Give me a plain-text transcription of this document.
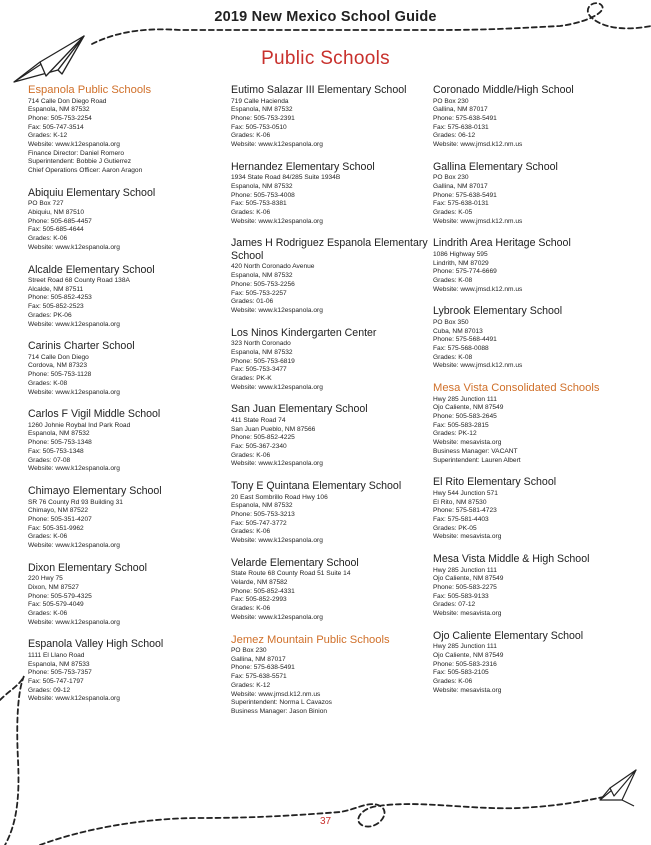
2019 New Mexico School Guide
Public Schools
Espanola Public Schools
714 Calle Don Diego Road
Espanola, NM 87532
Phone: 505-753-2254
Fax: 505-747-3514
Grades: K-12
Website: www.k12espanola.org
Finance Director: Daniel Romero
Superintendent: Bobbie J Gutierrez
Chief Operations Officer: Aaron Aragon
Abiquiu Elementary School
PO Box 727
Abiquiu, NM 87510
Phone: 505-685-4457
Fax: 505-685-4644
Grades: K-06
Website: www.k12espanola.org
Alcalde Elementary School
Street Road 68 County Road 138A
Alcalde, NM 87511
Phone: 505-852-4253
Fax: 505-852-2523
Grades: PK-06
Website: www.k12espanola.org
Carinis Charter School
714 Calle Don Diego
Cordova, NM 87323
Phone: 505-753-1128
Grades: K-08
Website: www.k12espanola.org
Carlos F Vigil Middle School
1260 Johnie Roybal Ind Park Road
Espanola, NM 87532
Phone: 505-753-1348
Fax: 505-753-1348
Grades: 07-08
Website: www.k12espanola.org
Chimayo Elementary School
SR 76 County Rd 93 Building 31
Chimayo, NM 87522
Phone: 505-351-4207
Fax: 505-351-9962
Grades: K-06
Website: www.k12espanola.org
Dixon Elementary School
220 Hwy 75
Dixon, NM 87527
Phone: 505-579-4325
Fax: 505-579-4049
Grades: K-06
Website: www.k12espanola.org
Espanola Valley High School
1111 El Llano Road
Espanola, NM 87533
Phone: 505-753-7357
Fax: 505-747-1797
Grades: 09-12
Website: www.k12espanola.org
Eutimo Salazar III Elementary School
719 Calle Hacienda
Espanola, NM 87532
Phone: 505-753-2391
Fax: 505-753-0510
Grades: K-06
Website: www.k12espanola.org
Hernandez Elementary School
1934 State Road 84/285 Suite 1934B
Espanola, NM 87532
Phone: 505-753-4008
Fax: 505-753-8381
Grades: K-06
Website: www.k12espanola.org
James H Rodriguez Espanola Elementary School
420 North Coronado Avenue
Espanola, NM 87532
Phone: 505-753-2256
Fax: 505-753-2257
Grades: 01-06
Website: www.k12espanola.org
Los Ninos Kindergarten Center
323 North Coronado
Espanola, NM 87532
Phone: 505-753-6819
Fax: 505-753-3477
Grades: PK-K
Website: www.k12espanola.org
San Juan Elementary School
411 State Road 74
San Juan Pueblo, NM 87566
Phone: 505-852-4225
Fax: 505-367-2340
Grades: K-06
Website: www.k12espanola.org
Tony E Quintana Elementary School
20 East Sombrillo Road Hwy 106
Espanola, NM 87532
Phone: 505-753-3213
Fax: 505-747-3772
Grades: K-06
Website: www.k12espanola.org
Velarde Elementary School
State Route 68 County Road 51 Suite 14
Velarde, NM 87582
Phone: 505-852-4331
Fax: 505-852-2993
Grades: K-06
Website: www.k12espanola.org
Jemez Mountain Public Schools
PO Box 230
Gallina, NM 87017
Phone: 575-638-5491
Fax: 575-638-5571
Grades: K-12
Website: www.jmsd.k12.nm.us
Superintendent: Norma L Cavazos
Business Manager: Jason Binion
Coronado Middle/High School
PO Box 230
Gallina, NM 87017
Phone: 575-638-5491
Fax: 575-638-0131
Grades: 06-12
Website: www.jmsd.k12.nm.us
Gallina Elementary School
PO Box 230
Gallina, NM 87017
Phone: 575-638-5491
Fax: 575-638-0131
Grades: K-05
Website: www.jmsd.k12.nm.us
Lindrith Area Heritage School
1086 Highway 595
Lindrith, NM 87029
Phone: 575-774-6669
Grades: K-08
Website: www.jmsd.k12.nm.us
Lybrook Elementary School
PO Box 350
Cuba, NM 87013
Phone: 575-568-4491
Fax: 575-568-0088
Grades: K-08
Website: www.jmsd.k12.nm.us
Mesa Vista Consolidated Schools
Hwy 285 Junction 111
Ojo Caliente, NM 87549
Phone: 505-583-2645
Fax: 505-583-2815
Grades: PK-12
Website: mesavista.org
Business Manager: VACANT
Superintendent: Lauren Albert
El Rito Elementary School
Hwy 544 Junction 571
El Rito, NM 87530
Phone: 575-581-4723
Fax: 575-581-4403
Grades: PK-05
Website: mesavista.org
Mesa Vista Middle & High School
Hwy 285 Junction 111
Ojo Caliente, NM 87549
Phone: 505-583-2275
Fax: 505-583-9133
Grades: 07-12
Website: mesavista.org
Ojo Caliente Elementary School
Hwy 285 Junction 111
Ojo Caliente, NM 87549
Phone: 505-583-2316
Fax: 505-583-2105
Grades: K-06
Website: mesavista.org
37
